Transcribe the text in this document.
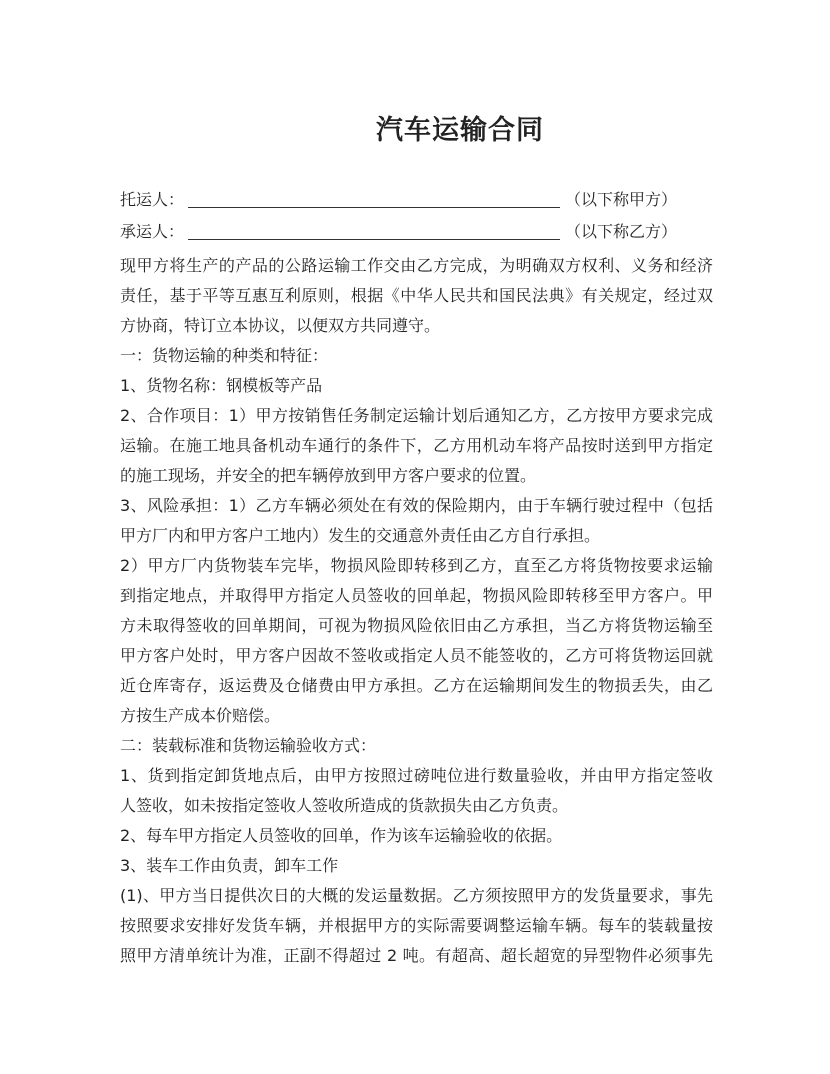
汽车运输合同
托运人：	（以下称甲方）
承运人：	（以下称乙方）
现甲方将生产的产品的公路运输工作交由乙方完成，为明确双方权利、义务和经济
责任，基于平等互惠互利原则，根据《中华人民共和国民法典》有关规定，经过双
方协商，特订立本协议，以便双方共同遵守。
一：货物运输的种类和特征：
1、货物名称：钢模板等产品
2、合作项目：1）甲方按销售任务制定运输计划后通知乙方，乙方按甲方要求完成
运输。在施工地具备机动车通行的条件下，乙方用机动车将产品按时送到甲方指定
的施工现场，并安全的把车辆停放到甲方客户要求的位置。
3、风险承担：1）乙方车辆必须处在有效的保险期内，由于车辆行驶过程中（包括
甲方厂内和甲方客户工地内）发生的交通意外责任由乙方自行承担。
2）甲方厂内货物装车完毕，物损风险即转移到乙方，直至乙方将货物按要求运输
到指定地点，并取得甲方指定人员签收的回单起，物损风险即转移至甲方客户。甲
方未取得签收的回单期间，可视为物损风险依旧由乙方承担，当乙方将货物运输至
甲方客户处时，甲方客户因故不签收或指定人员不能签收的，乙方可将货物运回就
近仓库寄存，返运费及仓储费由甲方承担。乙方在运输期间发生的物损丢失，由乙
方按生产成本价赔偿。
二：装载标准和货物运输验收方式：
1、货到指定卸货地点后，由甲方按照过磅吨位进行数量验收，并由甲方指定签收
人签收，如未按指定签收人签收所造成的货款损失由乙方负责。
2、每车甲方指定人员签收的回单，作为该车运输验收的依据。
3、装车工作由负责，卸车工作
(1)、甲方当日提供次日的大概的发运量数据。乙方须按照甲方的发货量要求，事先
按照要求安排好发货车辆，并根据甲方的实际需要调整运输车辆。每车的装载量按
照甲方清单统计为准，正副不得超过 2 吨。有超高、超长超宽的异型物件必须事先
